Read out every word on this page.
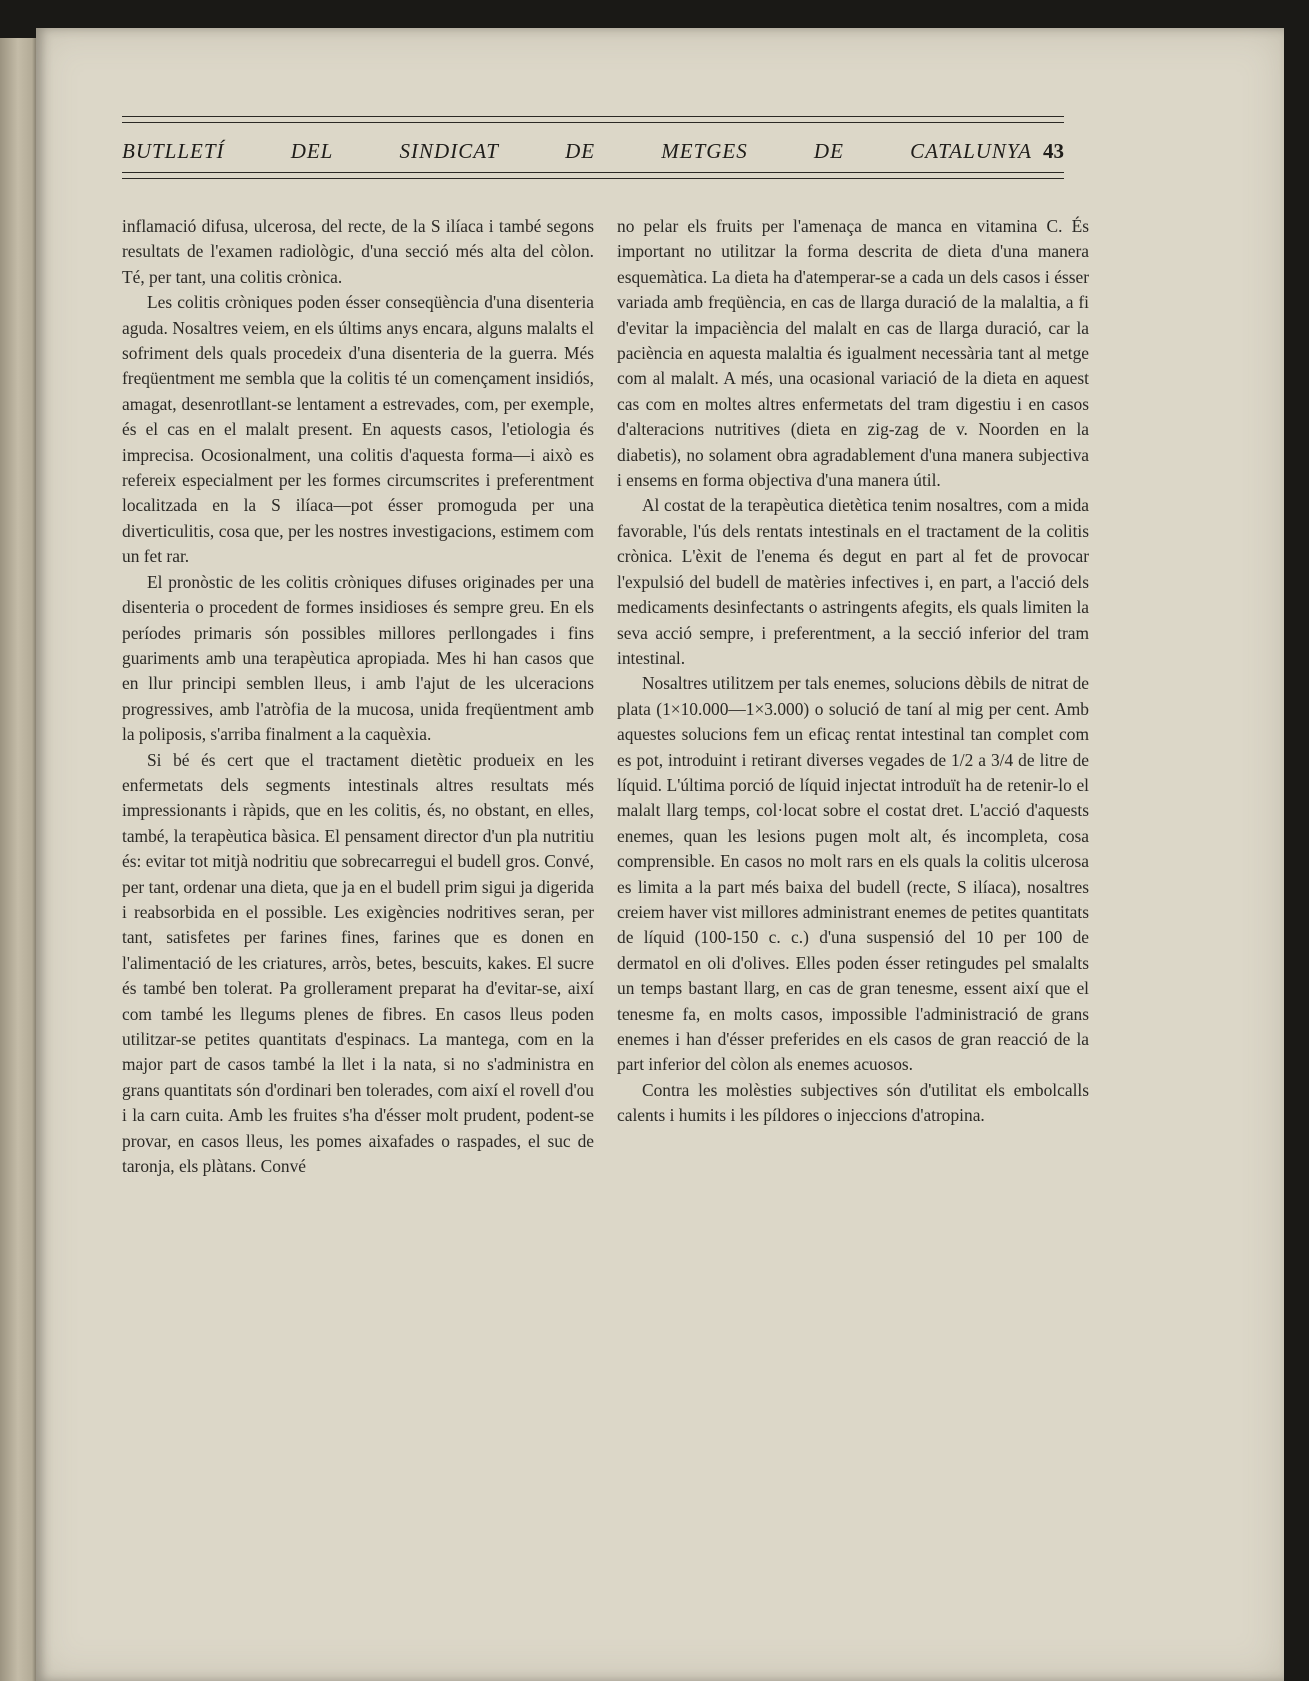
BUTLLETÍ	DEL	SINDICAT	DE	METGES	DE	CATALUNYA 43

inflamació difusa, ulcerosa, del recte, de la S ilíaca i també segons resultats de l'examen radiològic, d'una secció més alta del còlon. Té, per tant, una colitis crònica.

Les colitis cròniques poden ésser conseqüència d'una disenteria aguda. Nosaltres veiem, en els últims anys encara, alguns malalts el sofriment dels quals procedeix d'una disenteria de la guerra. Més freqüentment me sembla que la colitis té un començament insidiós, amagat, desenrotllant-se lentament a estrevades, com, per exemple, és el cas en el malalt present. En aquests casos, l'etiologia és imprecisa. Ocosionalment, una colitis d'aquesta forma—i això es refereix especialment per les formes circumscrites i preferentment localitzada en la S ilíaca—pot ésser promoguda per una diverticulitis, cosa que, per les nostres investigacions, estimem com un fet rar.

El pronòstic de les colitis cròniques difuses originades per una disenteria o procedent de formes insidioses és sempre greu. En els períodes primaris són possibles millores perllongades i fins guariments amb una terapèutica apropiada. Mes hi han casos que en llur principi semblen lleus, i amb l'ajut de les ulceracions progressives, amb l'atròfia de la mucosa, unida freqüentment amb la poliposis, s'arriba finalment a la caquèxia.

Si bé és cert que el tractament dietètic produeix en les enfermetats dels segments intestinals altres resultats més impressionants i ràpids, que en les colitis, és, no obstant, en elles, també, la terapèutica bàsica. El pensament director d'un pla nutritiu és: evitar tot mitjà nodritiu que sobrecarregui el budell gros. Convé, per tant, ordenar una dieta, que ja en el budell prim sigui ja digerida i reabsorbida en el possible. Les exigències nodritives seran, per tant, satisfetes per farines fines, farines que es donen en l'alimentació de les criatures, arròs, betes, bescuits, kakes. El sucre és també ben tolerat. Pa grollerament preparat ha d'evitar-se, així com també les llegums plenes de fibres. En casos lleus poden utilitzar-se petites quantitats d'espinacs. La mantega, com en la major part de casos també la llet i la nata, si no s'administra en grans quantitats són d'ordinari ben tolerades, com així el rovell d'ou i la carn cuita. Amb les fruites s'ha d'ésser molt prudent, podent-se provar, en casos lleus, les pomes aixafades o raspades, el suc de taronja, els plàtans. Convé

no pelar els fruits per l'amenaça de manca en vitamina C. És important no utilitzar la forma descrita de dieta d'una manera esquemàtica. La dieta ha d'atemperar-se a cada un dels casos i ésser variada amb freqüència, en cas de llarga duració de la malaltia, a fi d'evitar la impaciència del malalt en cas de llarga duració, car la paciència en aquesta malaltia és igualment necessària tant al metge com al malalt. A més, una ocasional variació de la dieta en aquest cas com en moltes altres enfermetats del tram digestiu i en casos d'alteracions nutritives (dieta en zig-zag de v. Noorden en la diabetis), no solament obra agradablement d'una manera subjectiva i ensems en forma objectiva d'una manera útil.

Al costat de la terapèutica dietètica tenim nosaltres, com a mida favorable, l'ús dels rentats intestinals en el tractament de la colitis crònica. L'èxit de l'enema és degut en part al fet de provocar l'expulsió del budell de matèries infectives i, en part, a l'acció dels medicaments desinfectants o astringents afegits, els quals limiten la seva acció sempre, i preferentment, a la secció inferior del tram intestinal.

Nosaltres utilitzem per tals enemes, solucions dèbils de nitrat de plata (1×10.000—1×3.000) o solució de taní al mig per cent. Amb aquestes solucions fem un eficaç rentat intestinal tan complet com es pot, introduint i retirant diverses vegades de 1/2 a 3/4 de litre de líquid. L'última porció de líquid injectat introduït ha de retenir-lo el malalt llarg temps, col·locat sobre el costat dret. L'acció d'aquests enemes, quan les lesions pugen molt alt, és incompleta, cosa comprensible. En casos no molt rars en els quals la colitis ulcerosa es limita a la part més baixa del budell (recte, S ilíaca), nosaltres creiem haver vist millores administrant enemes de petites quantitats de líquid (100-150 c. c.) d'una suspensió del 10 per 100 de dermatol en oli d'olives. Elles poden ésser retingudes pel smalalts un temps bastant llarg, en cas de gran tenesme, essent així que el tenesme fa, en molts casos, impossible l'administració de grans enemes i han d'ésser preferides en els casos de gran reacció de la part inferior del còlon als enemes acuosos.

Contra les molèsties subjectives són d'utilitat els embolcalls calents i humits i les píldores o injeccions d'atropina.
